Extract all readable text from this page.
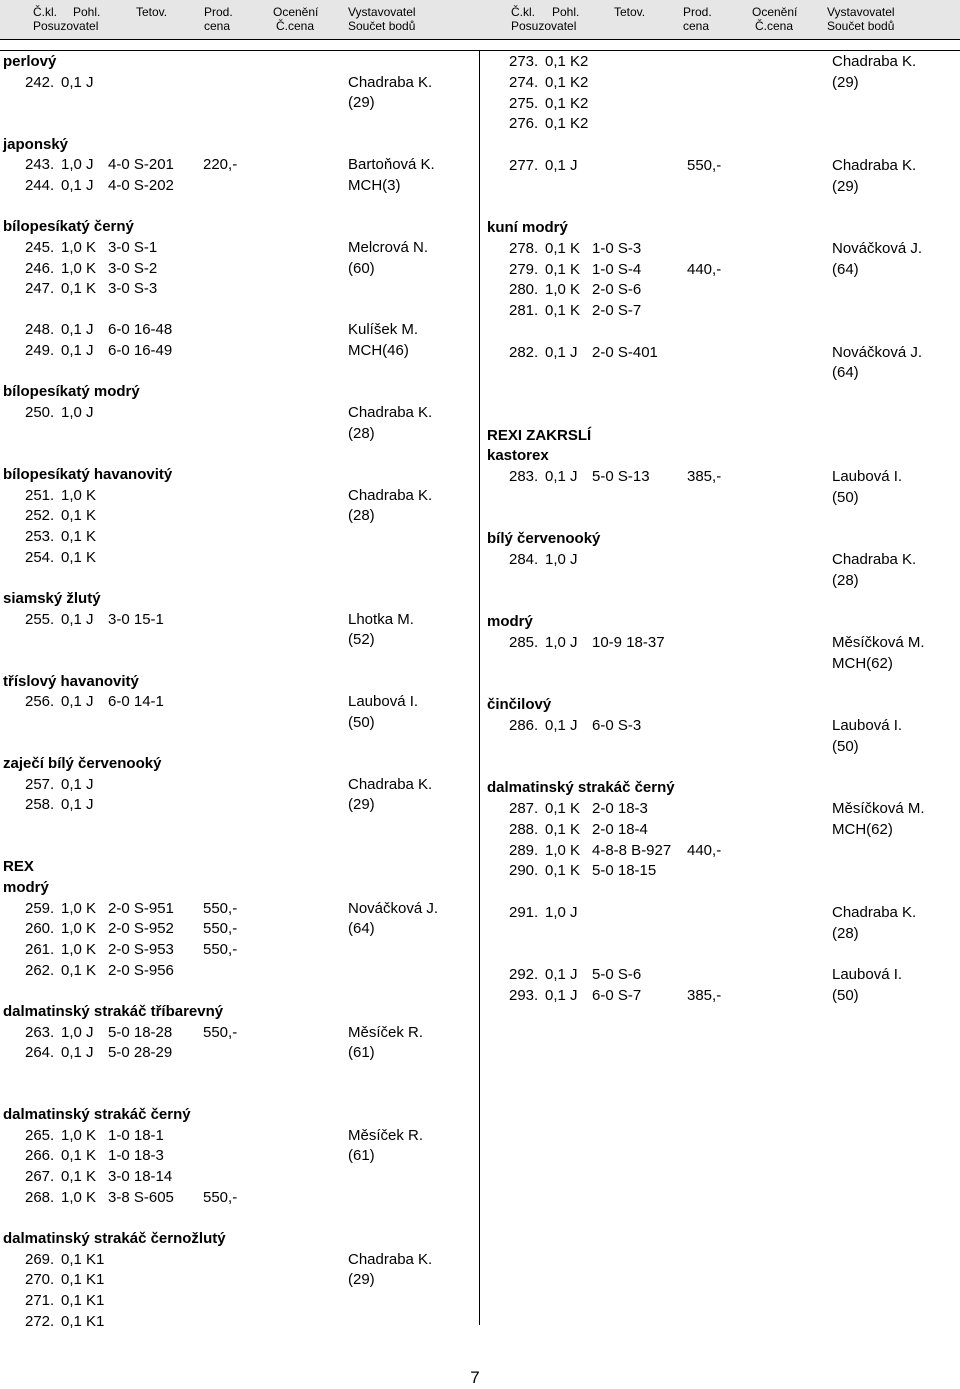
Č.kl. Pohl.	Tetov.	Prod.	Ocenění Vystavovatel
Posuzovatel	cena	Č.cena	Součet bodů
Č.kl. Pohl.	Tetov.	Prod.	Ocenění Vystavovatel
Posuzovatel	cena	Č.cena	Součet bodů
perlový
242. 0,1 J	Chadraba K.
(29)
japonský
243. 1,0 J 4-0 S-201 220,-	Bartoňová K.
244. 0,1 J 4-0 S-202	MCH(3)
bílopesíkatý černý
245. 1,0 K 3-0 S-1	Melcrová N.
246. 1,0 K 3-0 S-2	(60)
247. 0,1 K 3-0 S-3
248. 0,1 J 6-0 16-48	Kulíšek M.
249. 0,1 J 6-0 16-49	MCH(46)
bílopesíkatý modrý
250. 1,0 J	Chadraba K.
(28)
bílopesíkatý havanovitý
251. 1,0 K	Chadraba K.
252. 0,1 K	(28)
253. 0,1 K
254. 0,1 K
siamský žlutý
255. 0,1 J 3-0 15-1	Lhotka M.
(52)
tříslový havanovitý
256. 0,1 J 6-0 14-1	Laubová I.
(50)
zaječí bílý červenooký
257. 0,1 J	Chadraba K.
258. 0,1 J	(29)
REX
modrý
259. 1,0 K 2-0 S-951 550,-	Nováčková J.
260. 1,0 K 2-0 S-952 550,-	(64)
261. 1,0 K 2-0 S-953 550,-
262. 0,1 K 2-0 S-956
dalmatinský strakáč tříbarevný
263. 1,0 J 5-0 18-28 550,-	Měsíček R.
264. 0,1 J 5-0 28-29	(61)
dalmatinský strakáč černý
265. 1,0 K 1-0 18-1	Měsíček R.
266. 0,1 K 1-0 18-3	(61)
267. 0,1 K 3-0 18-14
268. 1,0 K 3-8 S-605 550,-
dalmatinský strakáč černožlutý
269. 0,1 K1	Chadraba K.
270. 0,1 K1	(29)
271. 0,1 K1
272. 0,1 K1
273. 0,1 K2	Chadraba K.
274. 0,1 K2	(29)
275. 0,1 K2
276. 0,1 K2
277. 0,1 J	550,-	Chadraba K.
(29)
kuní modrý
278. 0,1 K 1-0 S-3	Nováčková J.
279. 0,1 K 1-0 S-4	440,-	(64)
280. 1,0 K 2-0 S-6
281. 0,1 K 2-0 S-7
282. 0,1 J 2-0 S-401	Nováčková J.
(64)
REXI ZAKRSLÍ
kastorex
283. 0,1 J 5-0 S-13 385,-	Laubová I.
(50)
bílý červenooký
284. 1,0 J	Chadraba K.
(28)
modrý
285. 1,0 J 10-9 18-37	Měsíčková M.
MCH(62)
činčilový
286. 0,1 J 6-0 S-3	Laubová I.
(50)
dalmatinský strakáč černý
287. 0,1 K 2-0 18-3	Měsíčková M.
288. 0,1 K 2-0 18-4	MCH(62)
289. 1,0 K 4-8-8 B-927 440,-
290. 0,1 K 5-0 18-15
291. 1,0 J	Chadraba K.
(28)
292. 0,1 J 5-0 S-6	Laubová I.
293. 0,1 J 6-0 S-7	385,-	(50)
7
